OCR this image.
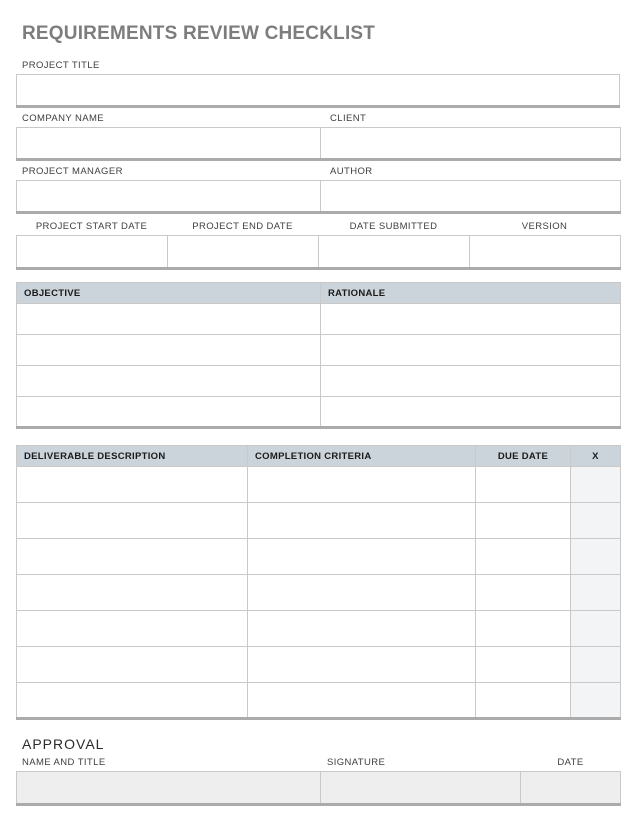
REQUIREMENTS REVIEW CHECKLIST
PROJECT TITLE
COMPANY NAME	CLIENT

PROJECT MANAGER	AUTHOR

PROJECT START DATE	PROJECT END DATE	DATE SUBMITTED	VERSION

OBJECTIVE	RATIONALE

DELIVERABLE DESCRIPTION	COMPLETION CRITERIA	DUE DATE	X

APPROVAL
NAME AND TITLE	SIGNATURE	DATE
